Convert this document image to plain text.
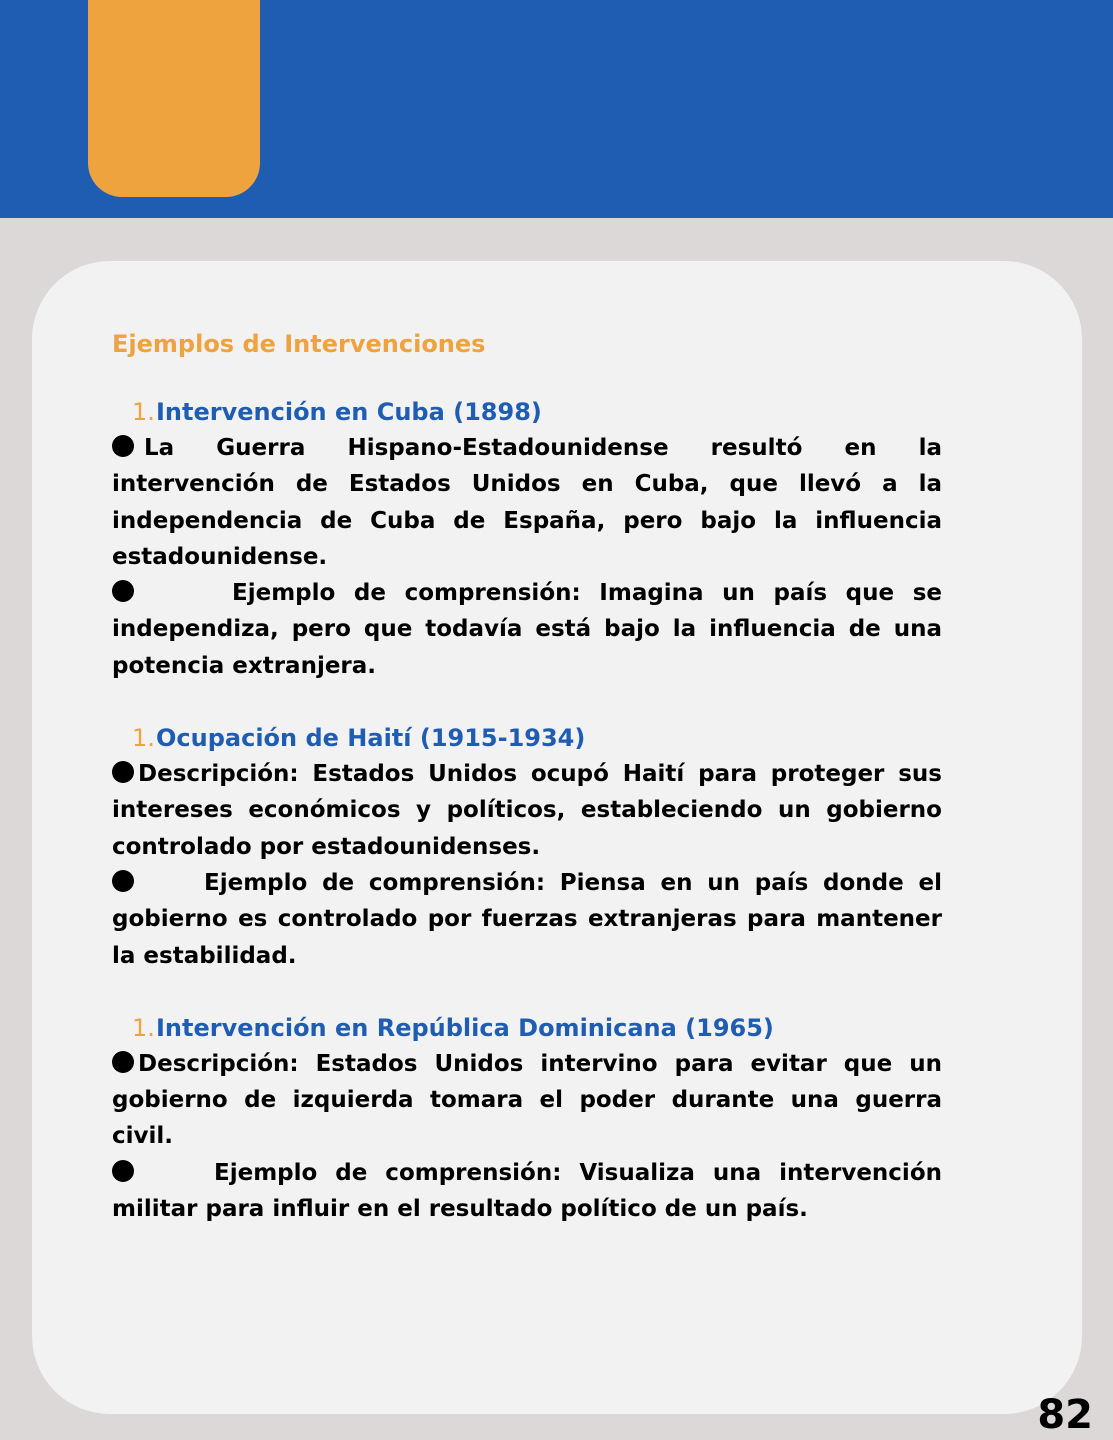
Ejemplos de Intervenciones
1. Intervención en Cuba (1898)
La Guerra Hispano-Estadounidense resultó en la intervención de Estados Unidos en Cuba, que llevó a la independencia de Cuba de España, pero bajo la influencia estadounidense.
Ejemplo de comprensión: Imagina un país que se independiza, pero que todavía está bajo la influencia de una potencia extranjera.
1. Ocupación de Haití (1915-1934)
Descripción: Estados Unidos ocupó Haití para proteger sus intereses económicos y políticos, estableciendo un gobierno controlado por estadounidenses.
Ejemplo de comprensión: Piensa en un país donde el gobierno es controlado por fuerzas extranjeras para mantener la estabilidad.
1. Intervención en República Dominicana (1965)
Descripción: Estados Unidos intervino para evitar que un gobierno de izquierda tomara el poder durante una guerra civil.
Ejemplo de comprensión: Visualiza una intervención militar para influir en el resultado político de un país.
82
